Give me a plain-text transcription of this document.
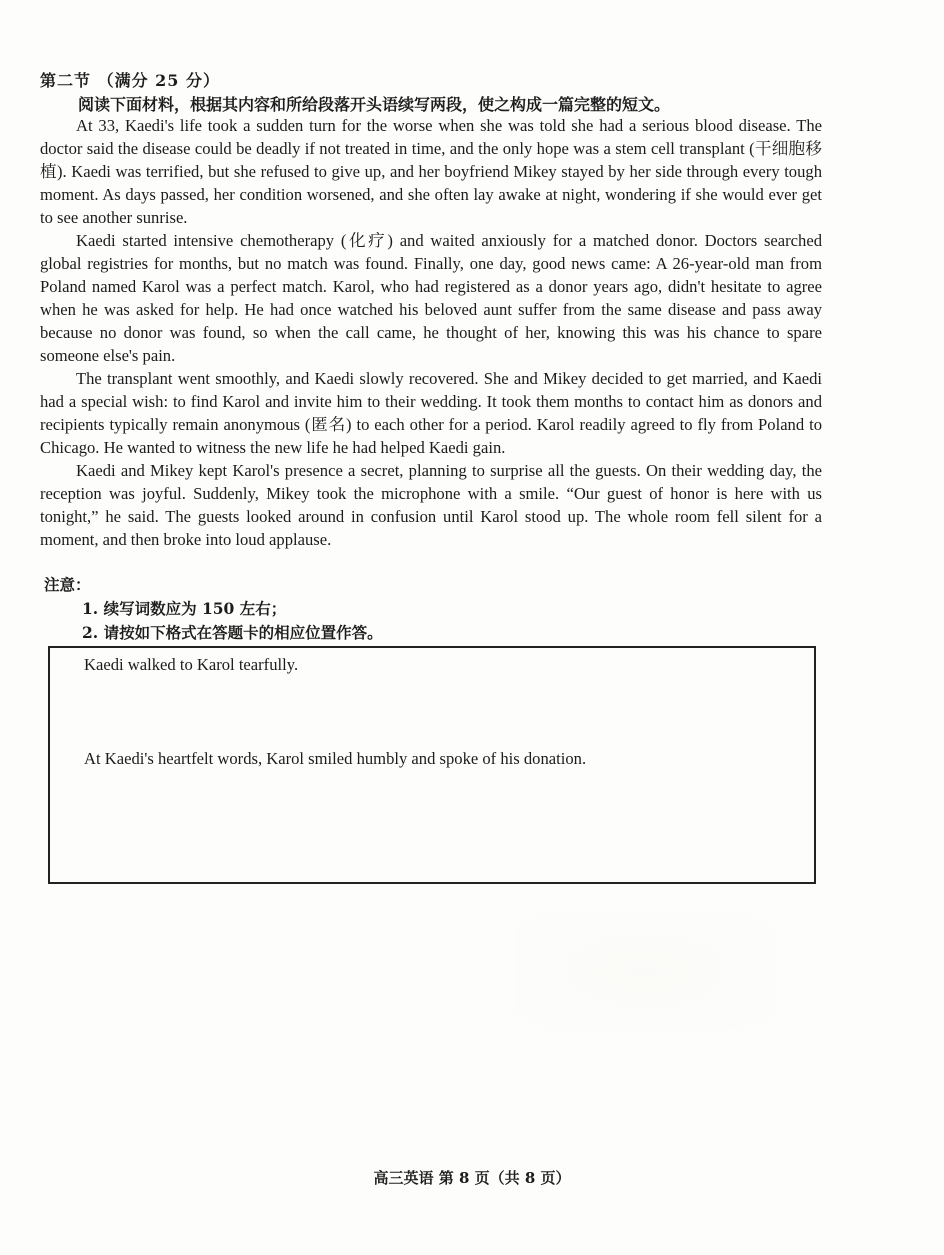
第二节 （满分 25 分）
阅读下面材料，根据其内容和所给段落开头语续写两段，使之构成一篇完整的短文。

At 33, Kaedi's life took a sudden turn for the worse when she was told she had a serious blood disease. The doctor said the disease could be deadly if not treated in time, and the only hope was a stem cell transplant (干细胞移植). Kaedi was terrified, but she refused to give up, and her boyfriend Mikey stayed by her side through every tough moment. As days passed, her condition worsened, and she often lay awake at night, wondering if she would ever get to see another sunrise.

Kaedi started intensive chemotherapy (化疗) and waited anxiously for a matched donor. Doctors searched global registries for months, but no match was found. Finally, one day, good news came: A 26-year-old man from Poland named Karol was a perfect match. Karol, who had registered as a donor years ago, didn't hesitate to agree when he was asked for help. He had once watched his beloved aunt suffer from the same disease and pass away because no donor was found, so when the call came, he thought of her, knowing this was his chance to spare someone else's pain.

The transplant went smoothly, and Kaedi slowly recovered. She and Mikey decided to get married, and Kaedi had a special wish: to find Karol and invite him to their wedding. It took them months to contact him as donors and recipients typically remain anonymous (匿名) to each other for a period. Karol readily agreed to fly from Poland to Chicago. He wanted to witness the new life he had helped Kaedi gain.

Kaedi and Mikey kept Karol's presence a secret, planning to surprise all the guests. On their wedding day, the reception was joyful. Suddenly, Mikey took the microphone with a smile. “Our guest of honor is here with us tonight,” he said. The guests looked around in confusion until Karol stood up. The whole room fell silent for a moment, and then broke into loud applause.

注意：
1. 续写词数应为 150 左右；
2. 请按如下格式在答题卡的相应位置作答。
Kaedi walked to Karol tearfully.
At Kaedi's heartfelt words, Karol smiled humbly and spoke of his donation.
高三英语 第 8 页（共 8 页）
